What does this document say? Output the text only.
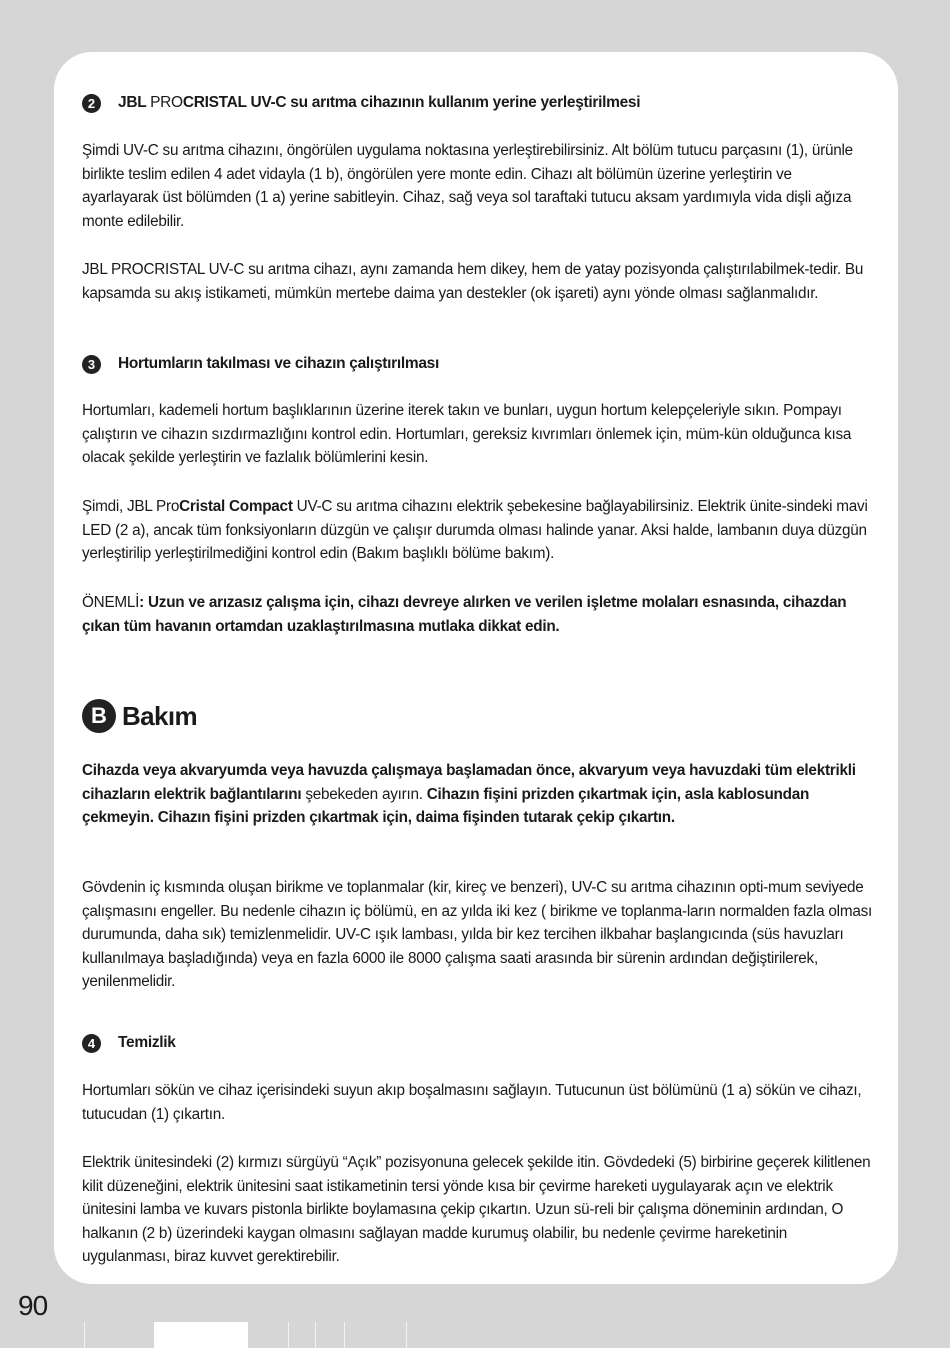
2	JBL PROCRISTAL UV-C su arıtma cihazının kullanım yerine yerleştirilmesi

Şimdi UV-C su arıtma cihazını, öngörülen uygulama noktasına yerleştirebilirsiniz. Alt bölüm tutucu parçasını (1), ürünle birlikte teslim edilen 4 adet vidayla (1 b), öngörülen yere monte edin. Cihazı alt bölümün üzerine yerleştirin ve ayarlayarak üst bölümden (1 a) yerine sabitleyin. Cihaz, sağ veya sol taraftaki tutucu aksam yardımıyla vida dişli ağıza monte edilebilir.

JBL PROCRISTAL UV-C su arıtma cihazı, aynı zamanda hem dikey, hem de yatay pozisyonda çalıştırılabilmek-tedir. Bu kapsamda su akış istikameti, mümkün mertebe daima yan destekler (ok işareti) aynı yönde olması sağlanmalıdır.

3	Hortumların takılması ve cihazın çalıştırılması

Hortumları, kademeli hortum başlıklarının üzerine iterek takın ve bunları, uygun hortum kelepçeleriyle sıkın. Pompayı çalıştırın ve cihazın sızdırmazlığını kontrol edin. Hortumları, gereksiz kıvrımları önlemek için, müm-kün olduğunca kısa olacak şekilde yerleştirin ve fazlalık bölümlerini kesin.

Şimdi, JBL ProCristal Compact UV-C su arıtma cihazını elektrik şebekesine bağlayabilirsiniz. Elektrik ünite-sindeki mavi LED (2 a), ancak tüm fonksiyonların düzgün ve çalışır durumda olması halinde yanar. Aksi halde, lambanın duya düzgün yerleştirilip yerleştirilmediğini kontrol edin (Bakım başlıklı bölüme bakım).

ÖNEMLİ: Uzun ve arızasız çalışma için, cihazı devreye alırken ve verilen işletme molaları esnasında, cihazdan çıkan tüm havanın ortamdan uzaklaştırılmasına mutlaka dikkat edin.

B Bakım

Cihazda veya akvaryumda veya havuzda çalışmaya başlamadan önce, akvaryum veya havuzdaki tüm elektrikli cihazların elektrik bağlantılarını şebekeden ayırın. Cihazın fişini prizden çıkartmak için, asla kablosundan çekmeyin. Cihazın fişini prizden çıkartmak için, daima fişinden tutarak çekip çıkartın.

Gövdenin iç kısmında oluşan birikme ve toplanmalar (kir, kireç ve benzeri), UV-C su arıtma cihazının opti-mum seviyede çalışmasını engeller. Bu nedenle cihazın iç bölümü, en az yılda iki kez ( birikme ve toplanma-ların normalden fazla olması durumunda, daha sık) temizlenmelidir. UV-C ışık lambası, yılda bir kez tercihen ilkbahar başlangıcında (süs havuzları kullanılmaya başladığında) veya en fazla 6000 ile 8000 çalışma saati arasında bir sürenin ardından değiştirilerek, yenilenmelidir.

4	Temizlik

Hortumları sökün ve cihaz içerisindeki suyun akıp boşalmasını sağlayın. Tutucunun üst bölümünü (1 a) sökün ve cihazı, tutucudan (1) çıkartın.

Elektrik ünitesindeki (2) kırmızı sürgüyü “Açık” pozisyonuna gelecek şekilde itin. Gövdedeki (5) birbirine geçerek kilitlenen kilit düzeneğini, elektrik ünitesini saat istikametinin tersi yönde kısa bir çevirme hareketi uygulayarak açın ve elektrik ünitesini lamba ve kuvars pistonla birlikte boylamasına çekip çıkartın. Uzun sü-reli bir çalışma döneminin ardından, O halkanın (2 b) üzerindeki kaygan olmasını sağlayan madde kurumuş olabilir, bu nedenle çevirme hareketinin uygulanması, biraz kuvvet gerektirebilir.

90
